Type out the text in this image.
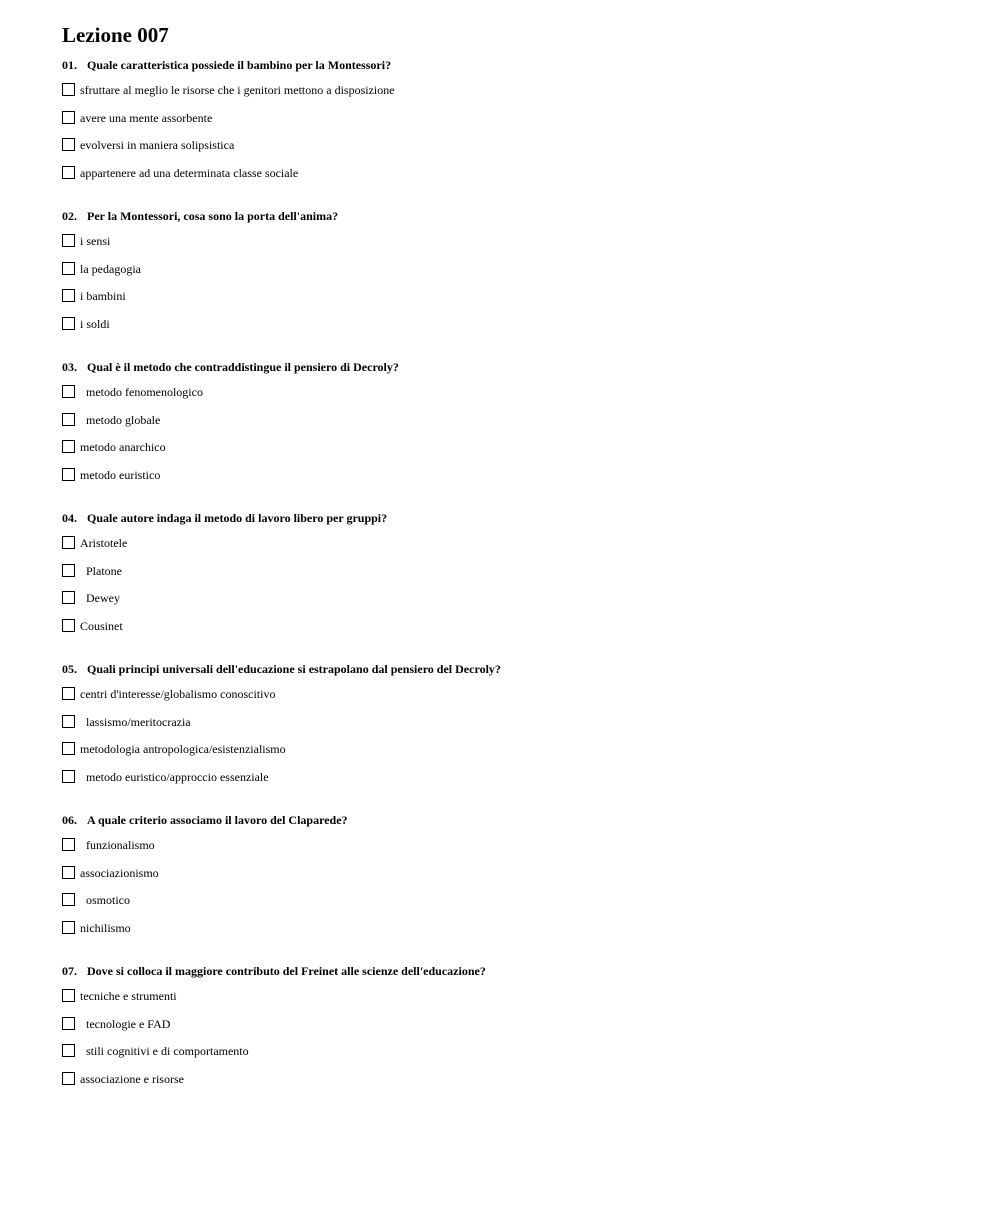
Lezione 007
01. Quale caratteristica possiede il bambino per la Montessori?
sfruttare al meglio le risorse che i genitori mettono a disposizione
avere una mente assorbente
evolversi in maniera solipsistica
appartenere ad una determinata classe sociale
02. Per la Montessori, cosa sono la porta dell'anima?
i sensi
la pedagogia
i bambini
i soldi
03. Qual è il metodo che contraddistingue il pensiero di Decroly?
metodo fenomenologico
metodo globale
metodo anarchico
metodo euristico
04. Quale autore indaga il metodo di lavoro libero per gruppi?
Aristotele
Platone
Dewey
Cousinet
05. Quali principi universali dell'educazione si estrapolano dal pensiero del Decroly?
centri d'interesse/globalismo conoscitivo
lassismo/meritocrazia
metodologia antropologica/esistenzialismo
metodo euristico/approccio essenziale
06. A quale criterio associamo il lavoro del Claparede?
funzionalismo
associazionismo
osmotico
nichilismo
07. Dove si colloca il maggiore contributo del Freinet alle scienze dell'educazione?
tecniche e strumenti
tecnologie e FAD
stili cognitivi e di comportamento
associazione e risorse
